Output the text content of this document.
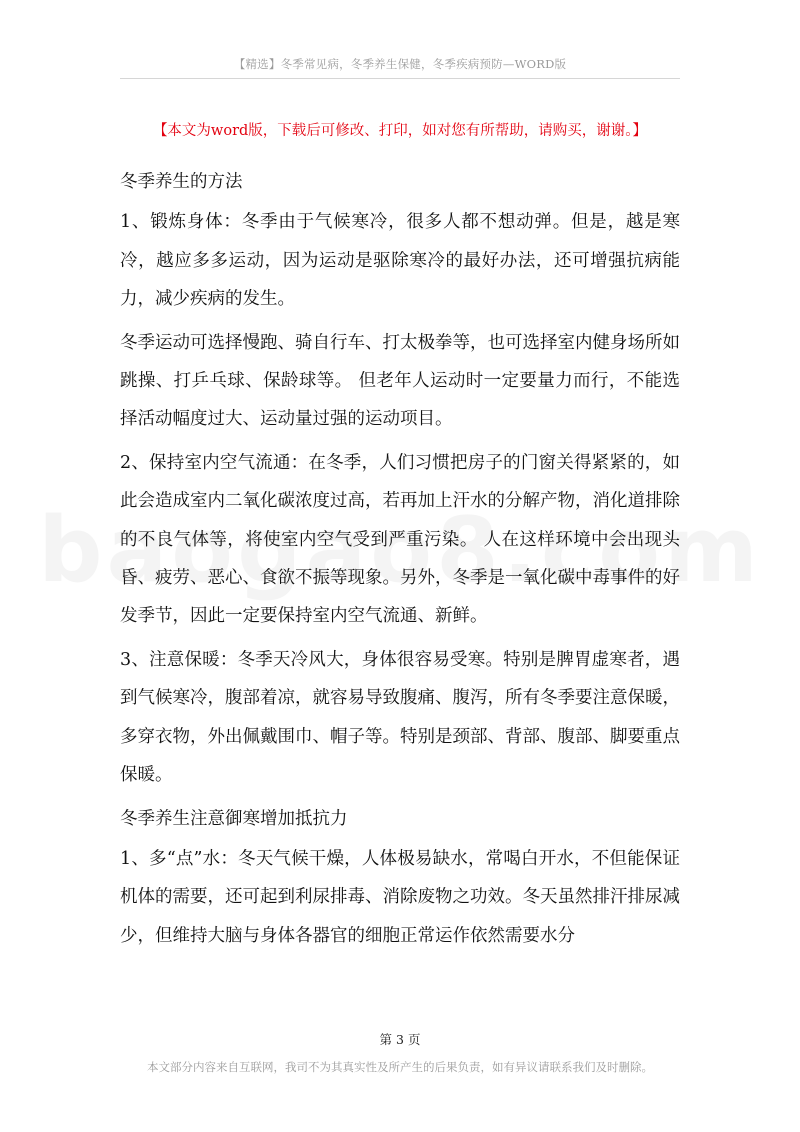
【精选】冬季常见病，冬季养生保健，冬季疾病预防—WORD版
【本文为word版，下载后可修改、打印，如对您有所帮助，请购买，谢谢。】

冬季养生的方法

1、锻炼身体：冬季由于气候寒冷，很多人都不想动弹。但是，越是寒冷，越应多多运动，因为运动是驱除寒冷的最好办法，还可增强抗病能力，减少疾病的发生。

冬季运动可选择慢跑、骑自行车、打太极拳等，也可选择室内健身场所如跳操、打乒乓球、保龄球等。 但老年人运动时一定要量力而行，不能选择活动幅度过大、运动量过强的运动项目。

2、保持室内空气流通：在冬季，人们习惯把房子的门窗关得紧紧的，如此会造成室内二氧化碳浓度过高，若再加上汗水的分解产物，消化道排除的不良气体等，将使室内空气受到严重污染。 人在这样环境中会出现头昏、疲劳、恶心、食欲不振等现象。另外，冬季是一氧化碳中毒事件的好发季节，因此一定要保持室内空气流通、新鲜。

3、注意保暖：冬季天冷风大，身体很容易受寒。特别是脾胃虚寒者，遇到气候寒冷，腹部着凉，就容易导致腹痛、腹泻，所有冬季要注意保暖，多穿衣物，外出佩戴围巾、帽子等。特别是颈部、背部、腹部、脚要重点保暖。

冬季养生注意御寒增加抵抗力

1、多“点”水：冬天气候干燥，人体极易缺水，常喝白开水，不但能保证机体的需要，还可起到利尿排毒、消除废物之功效。冬天虽然排汗排尿减少，但维持大脑与身体各器官的细胞正常运作依然需要水分

第 3 页
本文部分内容来自互联网，我司不为其真实性及所产生的后果负责，如有异议请联系我们及时删除。
